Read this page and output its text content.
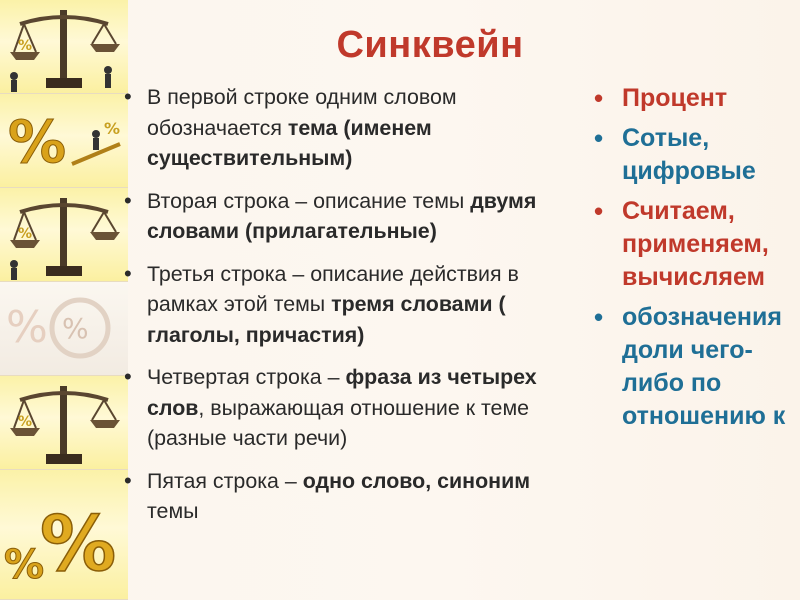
%
% %
%
% %
%
%
%
Синквейн
• В первой строке одним словом обозначается тема (именем существительным)
• Вторая строка – описание темы двумя словами (прилагательные)
• Третья строка – описание действия в рамках этой темы тремя словами ( глаголы, причастия)
• Четвертая строка – фраза из четырех слов, выражающая отношение к теме (разные части речи)
• Пятая строка – одно слово, синоним темы
• Процент
• Сотые, цифровые
• Считаем, применяем, вычисляем
• обозначения доли чего-либо по отношению к
